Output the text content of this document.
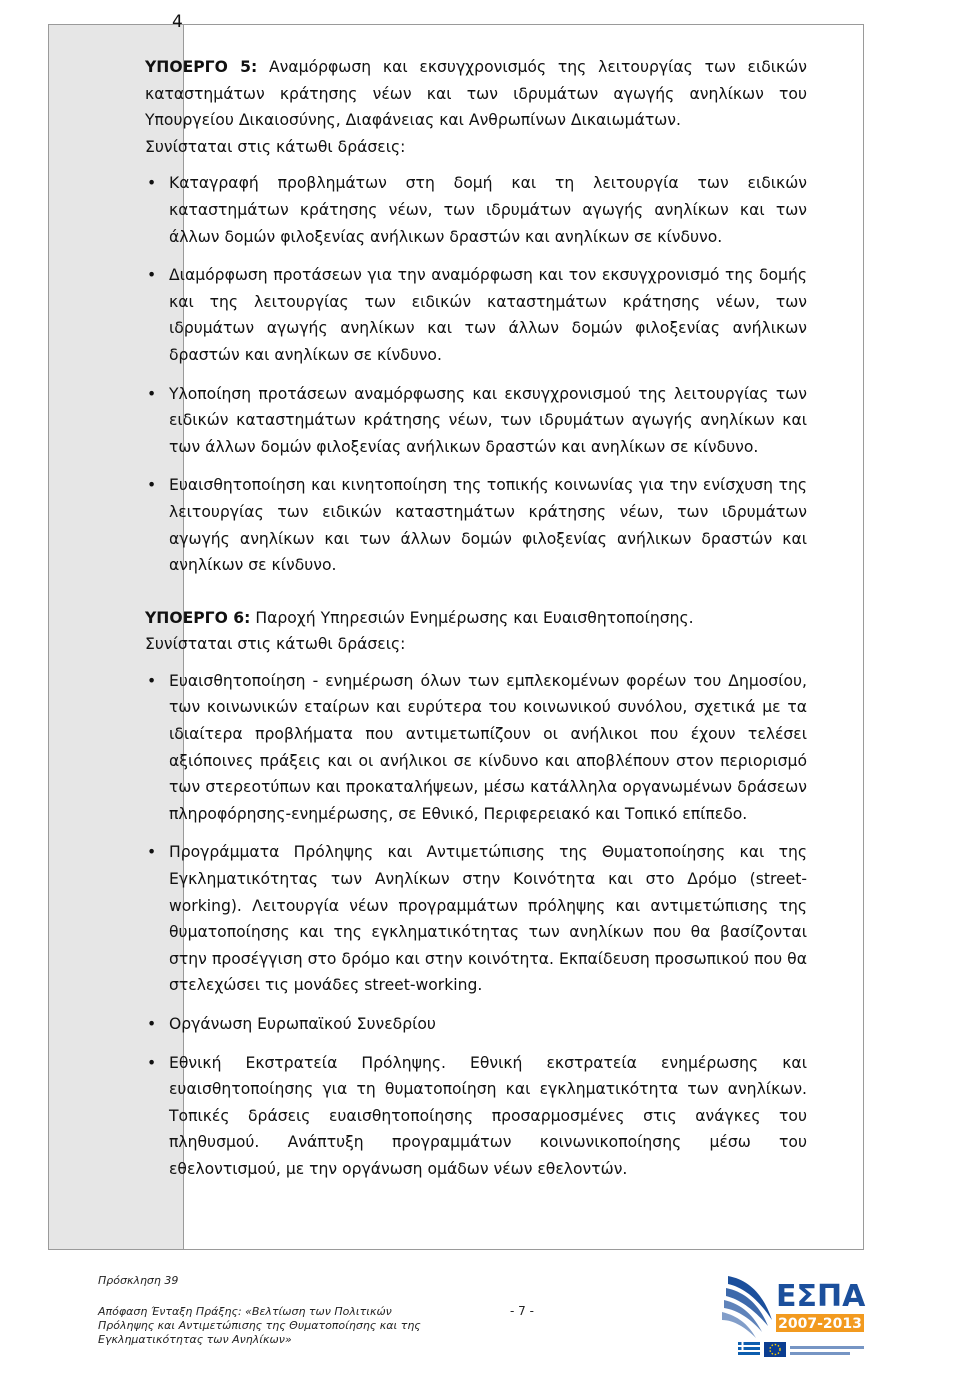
4

ΥΠΟΕΡΓΟ 5: Αναμόρφωση και εκσυγχρονισμός της λειτουργίας των ειδικών καταστημάτων κράτησης νέων και των ιδρυμάτων αγωγής ανηλίκων του Υπουργείου Δικαιοσύνης, Διαφάνειας και Ανθρωπίνων Δικαιωμάτων.

Συνίσταται στις κάτωθι δράσεις:

• Καταγραφή προβλημάτων στη δομή και τη λειτουργία των ειδικών καταστημάτων κράτησης νέων, των ιδρυμάτων αγωγής ανηλίκων και των άλλων δομών φιλοξενίας ανήλικων δραστών και ανηλίκων σε κίνδυνο.
• Διαμόρφωση προτάσεων για την αναμόρφωση και τον εκσυγχρονισμό της δομής και της λειτουργίας των ειδικών καταστημάτων κράτησης νέων, των ιδρυμάτων αγωγής ανηλίκων και των άλλων δομών φιλοξενίας ανήλικων δραστών και ανηλίκων σε κίνδυνο.
• Υλοποίηση προτάσεων αναμόρφωσης και εκσυγχρονισμού της λειτουργίας των ειδικών καταστημάτων κράτησης νέων, των ιδρυμάτων αγωγής ανηλίκων και των άλλων δομών φιλοξενίας ανήλικων δραστών και ανηλίκων σε κίνδυνο.
• Ευαισθητοποίηση και κινητοποίηση της τοπικής κοινωνίας για την ενίσχυση της λειτουργίας των ειδικών καταστημάτων κράτησης νέων, των ιδρυμάτων αγωγής ανηλίκων και των άλλων δομών φιλοξενίας ανήλικων δραστών και ανηλίκων σε κίνδυνο.

ΥΠΟΕΡΓΟ 6: Παροχή Υπηρεσιών Ενημέρωσης και Ευαισθητοποίησης.

Συνίσταται στις κάτωθι δράσεις:

• Ευαισθητοποίηση - ενημέρωση όλων των εμπλεκομένων φορέων του Δημοσίου, των κοινωνικών εταίρων και ευρύτερα του κοινωνικού συνόλου, σχετικά με τα ιδιαίτερα προβλήματα που αντιμετωπίζουν οι ανήλικοι που έχουν τελέσει αξιόποινες πράξεις και οι ανήλικοι σε κίνδυνο και αποβλέπουν στον περιορισμό των στερεοτύπων και προκαταλήψεων, μέσω κατάλληλα οργανωμένων δράσεων πληροφόρησης-ενημέρωσης, σε Εθνικό, Περιφερειακό και Τοπικό επίπεδο.
• Προγράμματα Πρόληψης και Αντιμετώπισης της Θυματοποίησης και της Εγκληματικότητας των Ανηλίκων στην Κοινότητα και στο Δρόμο (street-working). Λειτουργία νέων προγραμμάτων πρόληψης και αντιμετώπισης της θυματοποίησης και της εγκληματικότητας των ανηλίκων που θα βασίζονται στην προσέγγιση στο δρόμο και στην κοινότητα. Εκπαίδευση προσωπικού που θα στελεχώσει τις μονάδες street-working.
• Οργάνωση Ευρωπαϊκού Συνεδρίου
• Εθνική Εκστρατεία Πρόληψης. Εθνική εκστρατεία ενημέρωσης και ευαισθητοποίησης για τη θυματοποίηση και εγκληματικότητα των ανηλίκων. Τοπικές δράσεις ευαισθητοποίησης προσαρμοσμένες στις ανάγκες του πληθυσμού. Ανάπτυξη προγραμμάτων κοινωνικοποίησης μέσω του εθελοντισμού, με την οργάνωση ομάδων νέων εθελοντών.
Πρόσκληση 39
Απόφαση Ένταξη Πράξης: «Βελτίωση των Πολιτικών
Πρόληψης και Αντιμετώπισης της Θυματοποίησης και της
Εγκληματικότητας των Ανηλίκων»
- 7 -	ΕΣΠΑ
2007-2013
